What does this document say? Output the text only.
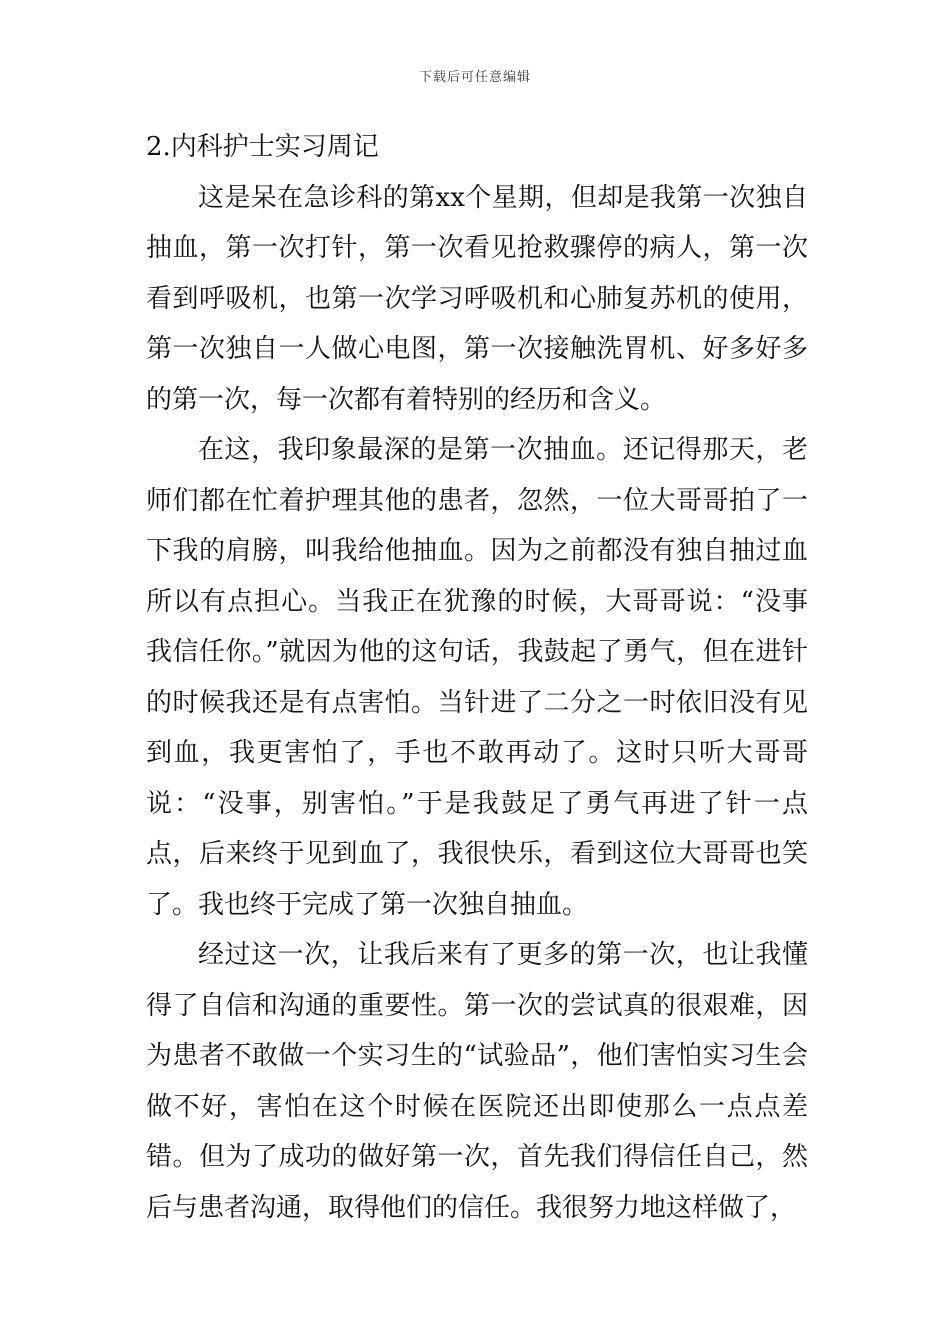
下载后可任意编辑

2.内科护士实习周记

这是呆在急诊科的第xx个星期，但却是我第一次独自抽血，第一次打针，第一次看见抢救骤停的病人，第一次看到呼吸机，也第一次学习呼吸机和心肺复苏机的使用，第一次独自一人做心电图，第一次接触洗胃机、好多好多的第一次，每一次都有着特别的经历和含义。

在这，我印象最深的是第一次抽血。还记得那天，老师们都在忙着护理其他的患者，忽然，一位大哥哥拍了一下我的肩膀，叫我给他抽血。因为之前都没有独自抽过血所以有点担心。当我正在犹豫的时候，大哥哥说：“没事我信任你。”就因为他的这句话，我鼓起了勇气，但在进针的时候我还是有点害怕。当针进了二分之一时依旧没有见到血，我更害怕了，手也不敢再动了。这时只听大哥哥说：“没事，别害怕。”于是我鼓足了勇气再进了针一点点，后来终于见到血了，我很快乐，看到这位大哥哥也笑了。我也终于完成了第一次独自抽血。

经过这一次，让我后来有了更多的第一次，也让我懂得了自信和沟通的重要性。第一次的尝试真的很艰难，因为患者不敢做一个实习生的“试验品”，他们害怕实习生会做不好，害怕在这个时候在医院还出即使那么一点点差错。但为了成功的做好第一次，首先我们得信任自己，然后与患者沟通，取得他们的信任。我很努力地这样做了，
